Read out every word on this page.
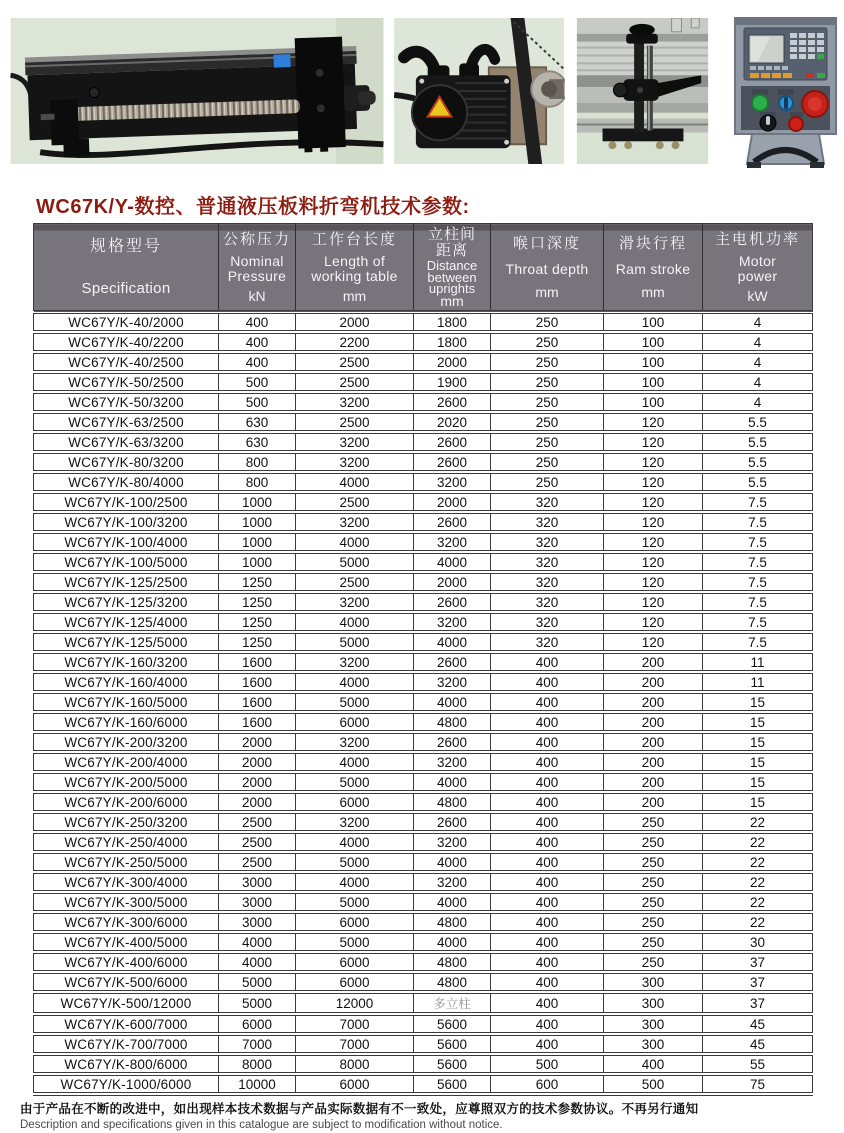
WC67K/Y-数控、普通液压板料折弯机技术参数:
规格型号
Specification

公称压力
Nominal
Pressure
kN

工作台长度
Length of
working table
mm

立柱间
距离
Distance
between
uprights
mm

喉口深度
Throat depth
mm

滑块行程
Ram stroke
mm

主电机功率
Motor
power
kW

WC67Y/K-40/2000	400	2000	1800	250	100	4
WC67Y/K-40/2200	400	2200	1800	250	100	4
WC67Y/K-40/2500	400	2500	2000	250	100	4
WC67Y/K-50/2500	500	2500	1900	250	100	4
WC67Y/K-50/3200	500	3200	2600	250	100	4
WC67Y/K-63/2500	630	2500	2020	250	120	5.5
WC67Y/K-63/3200	630	3200	2600	250	120	5.5
WC67Y/K-80/3200	800	3200	2600	250	120	5.5
WC67Y/K-80/4000	800	4000	3200	250	120	5.5
WC67Y/K-100/2500	1000	2500	2000	320	120	7.5
WC67Y/K-100/3200	1000	3200	2600	320	120	7.5
WC67Y/K-100/4000	1000	4000	3200	320	120	7.5
WC67Y/K-100/5000	1000	5000	4000	320	120	7.5
WC67Y/K-125/2500	1250	2500	2000	320	120	7.5
WC67Y/K-125/3200	1250	3200	2600	320	120	7.5
WC67Y/K-125/4000	1250	4000	3200	320	120	7.5
WC67Y/K-125/5000	1250	5000	4000	320	120	7.5
WC67Y/K-160/3200	1600	3200	2600	400	200	11
WC67Y/K-160/4000	1600	4000	3200	400	200	11
WC67Y/K-160/5000	1600	5000	4000	400	200	15
WC67Y/K-160/6000	1600	6000	4800	400	200	15
WC67Y/K-200/3200	2000	3200	2600	400	200	15
WC67Y/K-200/4000	2000	4000	3200	400	200	15
WC67Y/K-200/5000	2000	5000	4000	400	200	15
WC67Y/K-200/6000	2000	6000	4800	400	200	15
WC67Y/K-250/3200	2500	3200	2600	400	250	22
WC67Y/K-250/4000	2500	4000	3200	400	250	22
WC67Y/K-250/5000	2500	5000	4000	400	250	22
WC67Y/K-300/4000	3000	4000	3200	400	250	22
WC67Y/K-300/5000	3000	5000	4000	400	250	22
WC67Y/K-300/6000	3000	6000	4800	400	250	22
WC67Y/K-400/5000	4000	5000	4000	400	250	30
WC67Y/K-400/6000	4000	6000	4800	400	250	37
WC67Y/K-500/6000	5000	6000	4800	400	300	37
WC67Y/K-500/12000	5000	12000	多立柱	400	300	37
WC67Y/K-600/7000	6000	7000	5600	400	300	45
WC67Y/K-700/7000	7000	7000	5600	400	300	45
WC67Y/K-800/6000	8000	8000	5600	500	400	55
WC67Y/K-1000/6000	10000	6000	5600	600	500	75
由于产品在不断的改进中，如出现样本技术数据与产品实际数据有不一致处，应尊照双方的技术参数协议。不再另行通知
Description and specifications given in this catalogue are subject to modification without notice.
